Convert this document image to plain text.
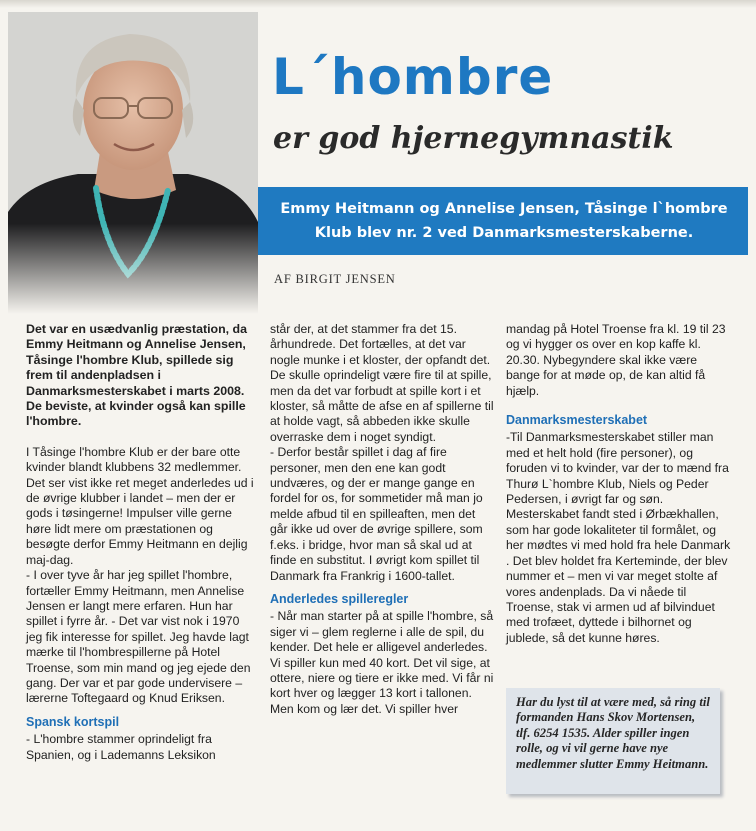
L´hombre
er god hjernegymnastik
Emmy Heitmann og Annelise Jensen, Tåsinge l`hombre Klub blev nr. 2 ved Danmarksmesterskaberne.
AF BIRGIT JENSEN

Det var en usædvanlig præstation, da Emmy Heitmann og Annelise Jensen, Tåsinge l'hombre Klub, spillede sig frem til andenpladsen i Danmarksmesterskabet i marts 2008. De beviste, at kvinder også kan spille l'hombre.

I Tåsinge l'hombre Klub er der bare otte kvinder blandt klubbens 32 medlemmer. Det ser vist ikke ret meget anderledes ud i de øvrige klubber i landet – men der er gods i tøsingerne! Impulser ville gerne høre lidt mere om præstationen og besøgte derfor Emmy Heitmann en dejlig maj-dag.

- I over tyve år har jeg spillet l'hombre, fortæller Emmy Heitmann, men Annelise Jensen er langt mere erfaren. Hun har spillet i fyrre år. - Det var vist nok i 1970 jeg fik interesse for spillet. Jeg havde lagt mærke til l'hombrespillerne på Hotel Troense, som min mand og jeg ejede den gang. Der var et par gode undervisere – lærerne Toftegaard og Knud Eriksen.

Spansk kortspil

- L'hombre stammer oprindeligt fra Spanien, og i Lademanns Leksikon

står der, at det stammer fra det 15. århundrede. Det fortælles, at det var nogle munke i et kloster, der opfandt det. De skulle oprindeligt være fire til at spille, men da det var forbudt at spille kort i et kloster, så måtte de afse en af spillerne til at holde vagt, så abbeden ikke skulle overraske dem i noget syndigt.

- Derfor består spillet i dag af fire personer, men den ene kan godt undværes, og der er mange gange en fordel for os, for sommetider må man jo melde afbud til en spilleaften, men det går ikke ud over de øvrige spillere, som f.eks. i bridge, hvor man så skal ud at finde en substitut. I øvrigt kom spillet til Danmark fra Frankrig i 1600-tallet.

Anderledes spilleregler

- Når man starter på at spille l'hombre, så siger vi – glem reglerne i alle de spil, du kender. Det hele er alligevel anderledes. Vi spiller kun med 40 kort. Det vil sige, at ottere, niere og tiere er ikke med. Vi får ni kort hver og lægger 13 kort i tallonen. Men kom og lær det. Vi spiller hver

mandag på Hotel Troense fra kl. 19 til 23 og vi hygger os over en kop kaffe kl. 20.30. Nybegyndere skal ikke være bange for at møde op, de kan altid få hjælp.

Danmarksmesterskabet

-Til Danmarksmesterskabet stiller man med et helt hold (fire personer), og foruden vi to kvinder, var der to mænd fra Thurø L`hombre Klub, Niels og Peder Pedersen, i øvrigt far og søn. Mesterskabet fandt sted i Ørbækhallen, som har gode lokaliteter til formålet, og her mødtes vi med hold fra hele Danmark . Det blev holdet fra Kerteminde, der blev nummer et – men vi var meget stolte af vores andenplads. Da vi nåede til Troense, stak vi armen ud af bilvinduet med trofæet, dyttede i bilhornet og jublede, så det kunne høres.

Har du lyst til at være med, så ring til formanden Hans Skov Mortensen, tlf. 6254 1535. Alder spiller ingen rolle, og vi vil gerne have nye medlemmer slutter Emmy Heitmann.
